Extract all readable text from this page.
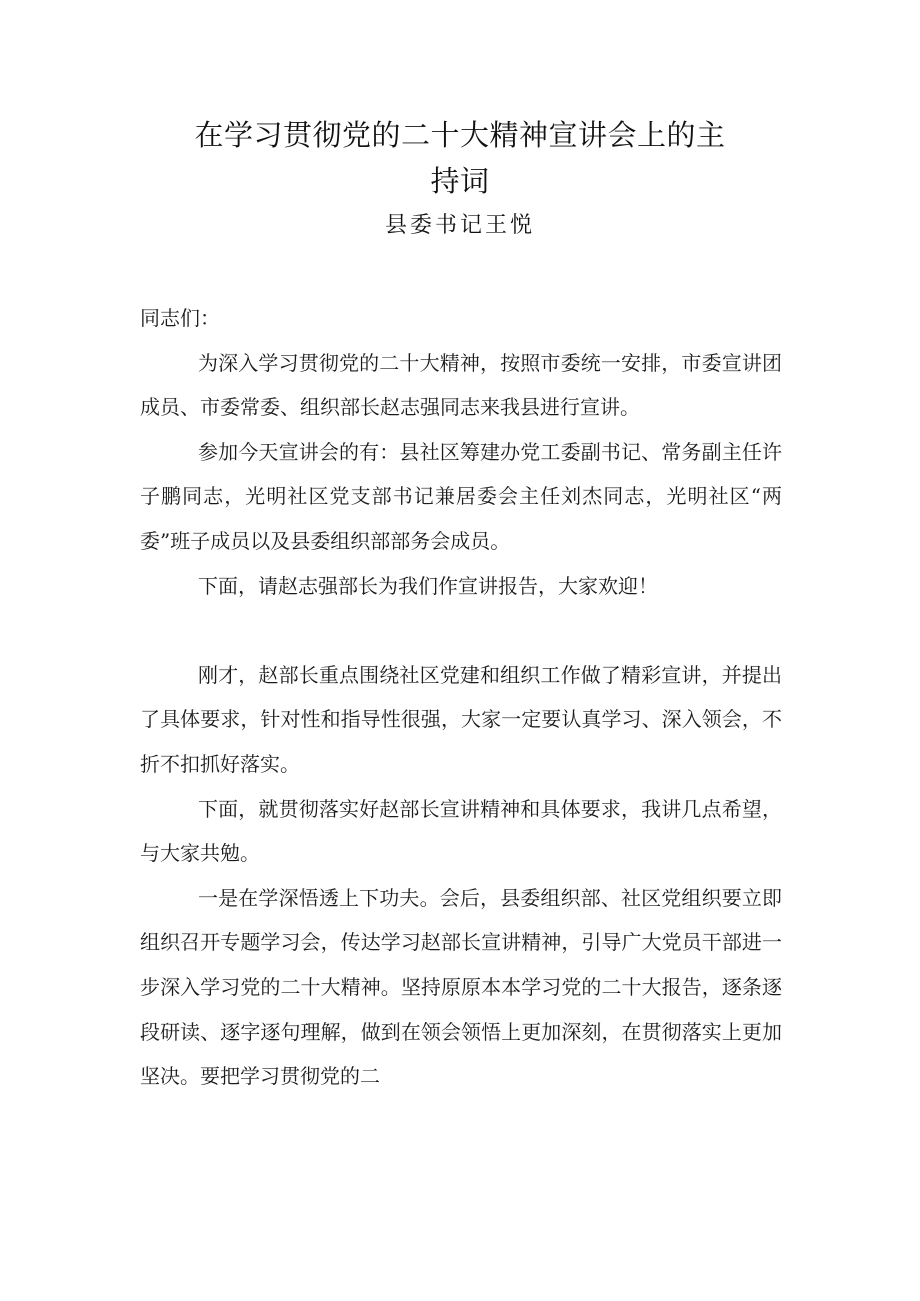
在学习贯彻党的二十大精神宣讲会上的主
持词
县委书记王悦

同志们：

为深入学习贯彻党的二十大精神，按照市委统一安排，市委宣讲团成员、市委常委、组织部长赵志强同志来我县进行宣讲。

参加今天宣讲会的有：县社区筹建办党工委副书记、常务副主任许子鹏同志，光明社区党支部书记兼居委会主任刘杰同志，光明社区“两委”班子成员以及县委组织部部务会成员。

下面，请赵志强部长为我们作宣讲报告，大家欢迎！

刚才，赵部长重点围绕社区党建和组织工作做了精彩宣讲，并提出了具体要求，针对性和指导性很强，大家一定要认真学习、深入领会，不折不扣抓好落实。

下面，就贯彻落实好赵部长宣讲精神和具体要求，我讲几点希望，与大家共勉。

一是在学深悟透上下功夫。会后，县委组织部、社区党组织要立即组织召开专题学习会，传达学习赵部长宣讲精神，引导广大党员干部进一步深入学习党的二十大精神。坚持原原本本学习党的二十大报告，逐条逐段研读、逐字逐句理解，做到在领会领悟上更加深刻，在贯彻落实上更加坚决。要把学习贯彻党的二
